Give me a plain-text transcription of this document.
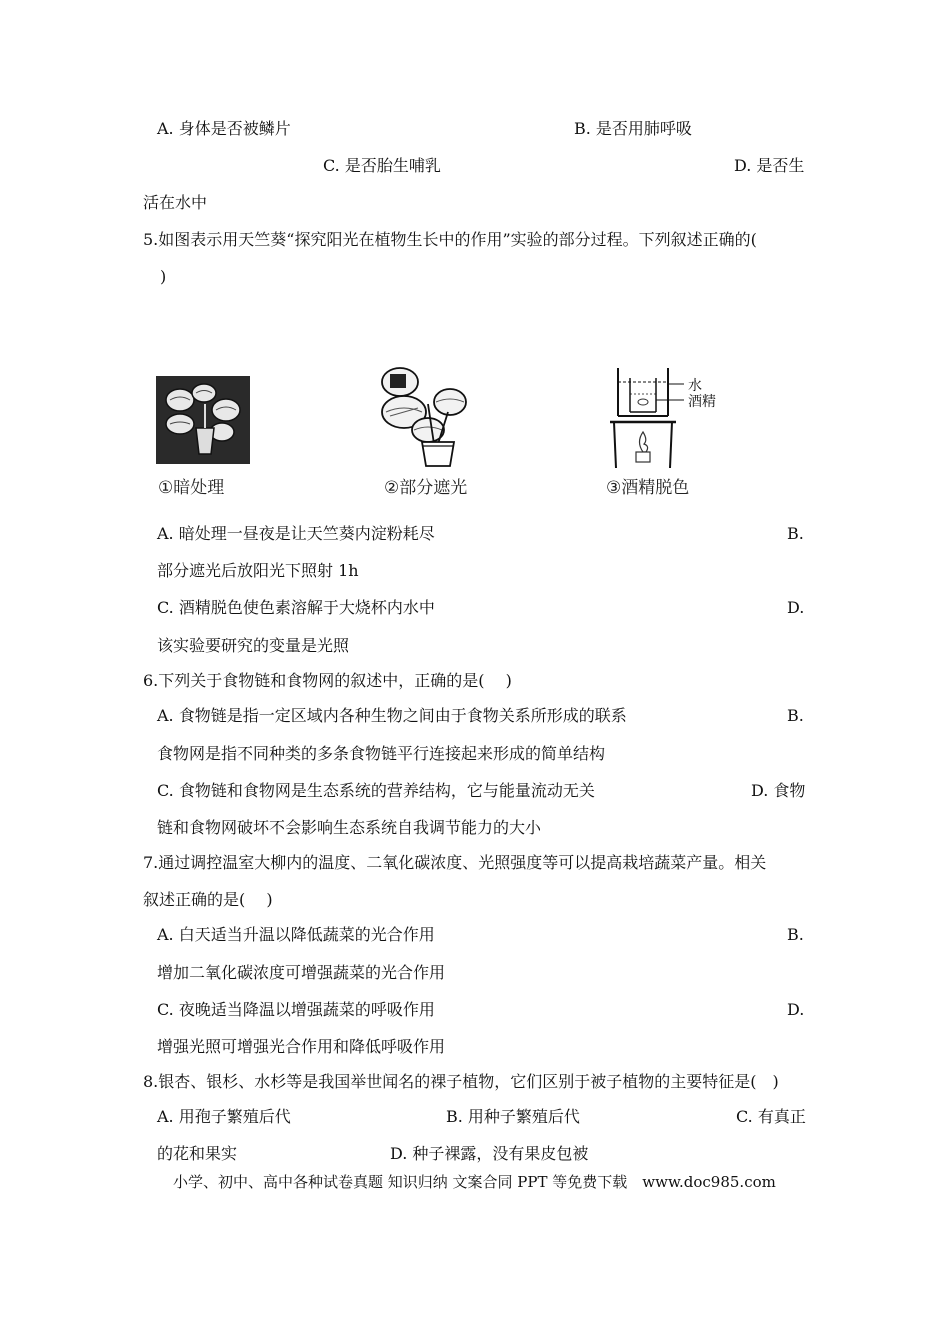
A. 身体是否被鳞片	B. 是否用肺呼吸
C. 是否胎生哺乳	D. 是否生
活在水中
5.如图表示用天竺葵“探究阳光在植物生长中的作用”实验的部分过程。下列叙述正确的(
)
①暗处理	②部分遮光
水
酒精
③酒精脱色
A. 暗处理一昼夜是让天竺葵内淀粉耗尽	B.
部分遮光后放阳光下照射 1h
C. 酒精脱色使色素溶解于大烧杯内水中	D.
该实验要研究的变量是光照
6.下列关于食物链和食物网的叙述中，正确的是(　 )
A. 食物链是指一定区域内各种生物之间由于食物关系所形成的联系	B.
食物网是指不同种类的多条食物链平行连接起来形成的简单结构
C. 食物链和食物网是生态系统的营养结构，它与能量流动无关	D. 食物
链和食物网破坏不会影响生态系统自我调节能力的大小
7.通过调控温室大柳内的温度、二氧化碳浓度、光照强度等可以提高栽培蔬菜产量。相关
叙述正确的是(　 )
A. 白天适当升温以降低蔬菜的光合作用	B.
增加二氧化碳浓度可增强蔬菜的光合作用
C. 夜晚适当降温以增强蔬菜的呼吸作用	D.
增强光照可增强光合作用和降低呼吸作用
8.银杏、银杉、水杉等是我国举世闻名的裸子植物，它们区别于被子植物的主要特征是(　)
A. 用孢子繁殖后代	B. 用种子繁殖后代	C. 有真正
的花和果实	D. 种子裸露，没有果皮包被
小学、初中、高中各种试卷真题 知识归纳 文案合同 PPT 等免费下载　www.doc985.com
